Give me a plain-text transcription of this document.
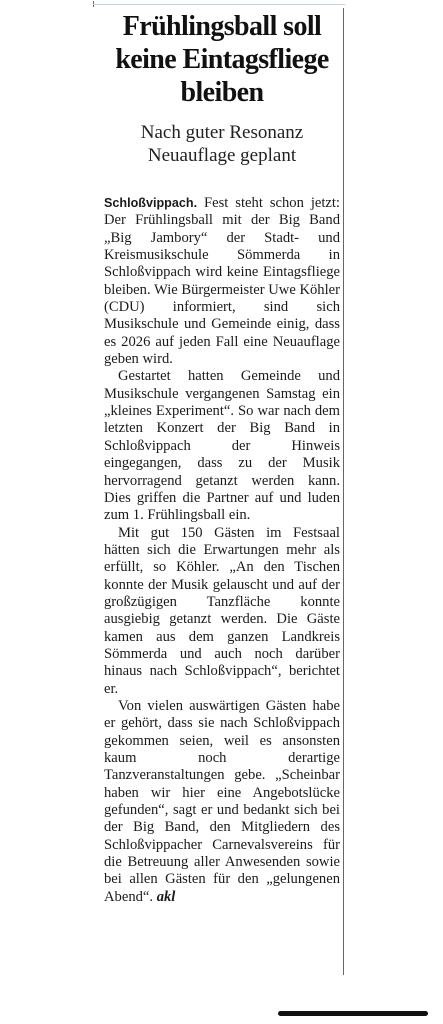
Frühlingsball soll keine Eintagsfliege bleiben
Nach guter Resonanz Neuauflage geplant

Schloßvippach. Fest steht schon jetzt: Der Frühlingsball mit der Big Band „Big Jambory“ der Stadt- und Kreismusikschule Sömmerda in Schloßvippach wird keine Eintagsfliege bleiben. Wie Bürgermeister Uwe Köhler (CDU) informiert, sind sich Musikschule und Gemeinde einig, dass es 2026 auf jeden Fall eine Neuauflage geben wird.

Gestartet hatten Gemeinde und Musikschule vergangenen Samstag ein „kleines Experiment“. So war nach dem letzten Konzert der Big Band in Schloßvippach der Hinweis eingegangen, dass zu der Musik hervorragend getanzt werden kann. Dies griffen die Partner auf und luden zum 1. Frühlingsball ein.

Mit gut 150 Gästen im Festsaal hätten sich die Erwartungen mehr als erfüllt, so Köhler. „An den Tischen konnte der Musik gelauscht und auf der großzügigen Tanzfläche konnte ausgiebig getanzt werden. Die Gäste kamen aus dem ganzen Landkreis Sömmerda und auch noch darüber hinaus nach Schloßvippach“, berichtet er.

Von vielen auswärtigen Gästen habe er gehört, dass sie nach Schloßvippach gekommen seien, weil es ansonsten kaum noch derartige Tanzveranstaltungen gebe. „Scheinbar haben wir hier eine Angebotslücke gefunden“, sagt er und bedankt sich bei der Big Band, den Mitgliedern des Schloßvippacher Carnevalsvereins für die Betreuung aller Anwesenden sowie bei allen Gästen für den „gelungenen Abend“. akl
